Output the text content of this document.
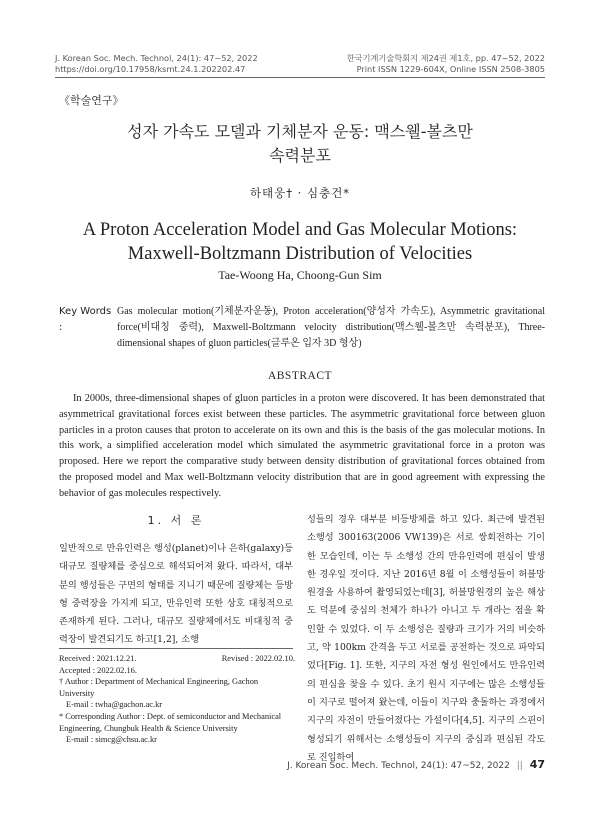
J. Korean Soc. Mech. Technol, 24(1): 47~52, 2022
https://doi.org/10.17958/ksmt.24.1.202202.47
한국기계기술학회지 제24권 제1호, pp. 47~52, 2022
Print ISSN 1229-604X, Online ISSN 2508-3805
《학술연구》
성자 가속도 모델과 기체분자 운동: 맥스웰-볼츠만
속력분포
하태웅† · 심충건*
A Proton Acceleration Model and Gas Molecular Motions:
Maxwell-Boltzmann Distribution of Velocities
Tae-Woong Ha, Choong-Gun Sim
Key Words :
Gas molecular motion(기체분자운동), Proton acceleration(양성자 가속도), Asymmetric gravitational force(비대칭 중력), Maxwell-Boltzmann velocity distribution(맥스웰-볼츠만 속력분포), Three-dimensional shapes of gluon particles(글루온 입자 3D 형상)
ABSTRACT
In 2000s, three-dimensional shapes of gluon particles in a proton were discovered. It has been demonstrated that asymmetrical gravitational forces exist between these particles. The asymmetric gravitational force between gluon particles in a proton causes that proton to accelerate on its own and this is the basis of the gas molecular motions. In this work, a simplified acceleration model which simulated the asymmetric gravitational force in a proton was proposed. Here we report the comparative study between density distribution of gravitational forces obtained from the proposed model and Max well-Boltzmann velocity distribution that are in good agreement with expressing the behavior of gas molecules respectively.
1. 서 론
일반적으로 만유인력은 행성(planet)이나 은하(galaxy)등 대규모 질량체를 중심으로 해석되어져 왔다. 따라서, 대부분의 행성들은 구면의 형태를 지니기 때문에 질량체는 등방형 중력장을 가지게 되고, 만유인력 또한 상호 대칭적으로 존재하게 된다. 그러나, 대규모 질량체에서도 비대칭적 중력장이 발견되기도 하고[1,2], 소행
성들의 경우 대부분 비등방체를 하고 있다. 최근에 발견된 소행성 300163(2006 VW139)은 서로 쌍회전하는 기이한 모습인데, 이는 두 소행성 간의 만유인력에 편심이 발생한 경우일 것이다. 지난 2016년 8월 이 소행성들이 허블망원경을 사용하여 촬영되었는데[3], 허블망원경의 높은 해상도 덕분에 중심의 천체가 하나가 아니고 두 개라는 점을 확인할 수 있었다. 이 두 소행성은 질량과 크기가 거의 비슷하고, 약 100km 간격을 두고 서로를 공전하는 것으로 파악되었다[Fig. 1]. 또한, 지구의 자전 형성 원인에서도 만유인력의 편심을 찾을 수 있다. 초기 원시 지구에는 많은 소행성들이 지구로 떨어져 왔는데, 이들이 지구와 충돌하는 과정에서 지구의 자전이 만들어졌다는 가설이다[4,5]. 지구의 스핀이 형성되기 위해서는 소행성들이 지구의 중심과 편심된 각도로 진입하여
Received : 2021.12.21.	Revised : 2022.02.10.
Accepted : 2022.02.16.
† Author : Department of Mechanical Engineering, Gachon University
E-mail : twha@gachon.ac.kr
* Corresponding Author : Dept. of semiconductor and Mechanical Engineering, Chungbuk Health & Science University
E-mail : simcg@chsu.ac.kr
J. Korean Soc. Mech. Technol, 24(1): 47~52, 2022 || 47
